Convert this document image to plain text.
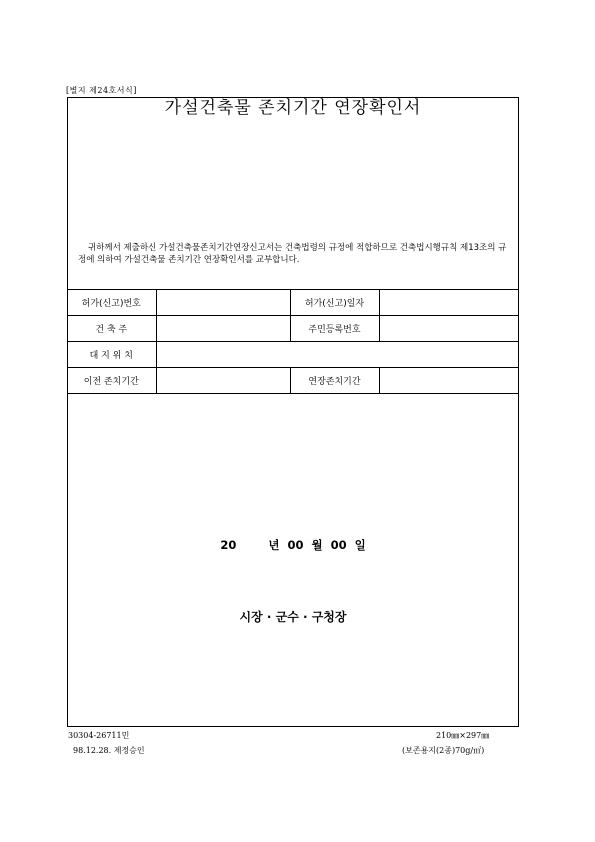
[별지 제24호서식]
가설건축물 존치기간 연장확인서
귀하께서 제출하신 가설건축물존치기간연장신고서는 건축법령의 규정에 적합하므로 건축법시행규칙 제13조의 규정에 의하여 가설건축물 존치기간 연장확인서를 교부합니다.
허가(신고)번호		허가(신고)일자	
건 축 주		주민등록번호	
대 지 위 치			
이전 존치기간		연장존치기간	
20    년 00 월 00 일
시장 · 군수 · 구청장
30304-26711민
98.12.28. 제정승인
210㎜×297㎜
(보존용지(2종)70g/㎡)
